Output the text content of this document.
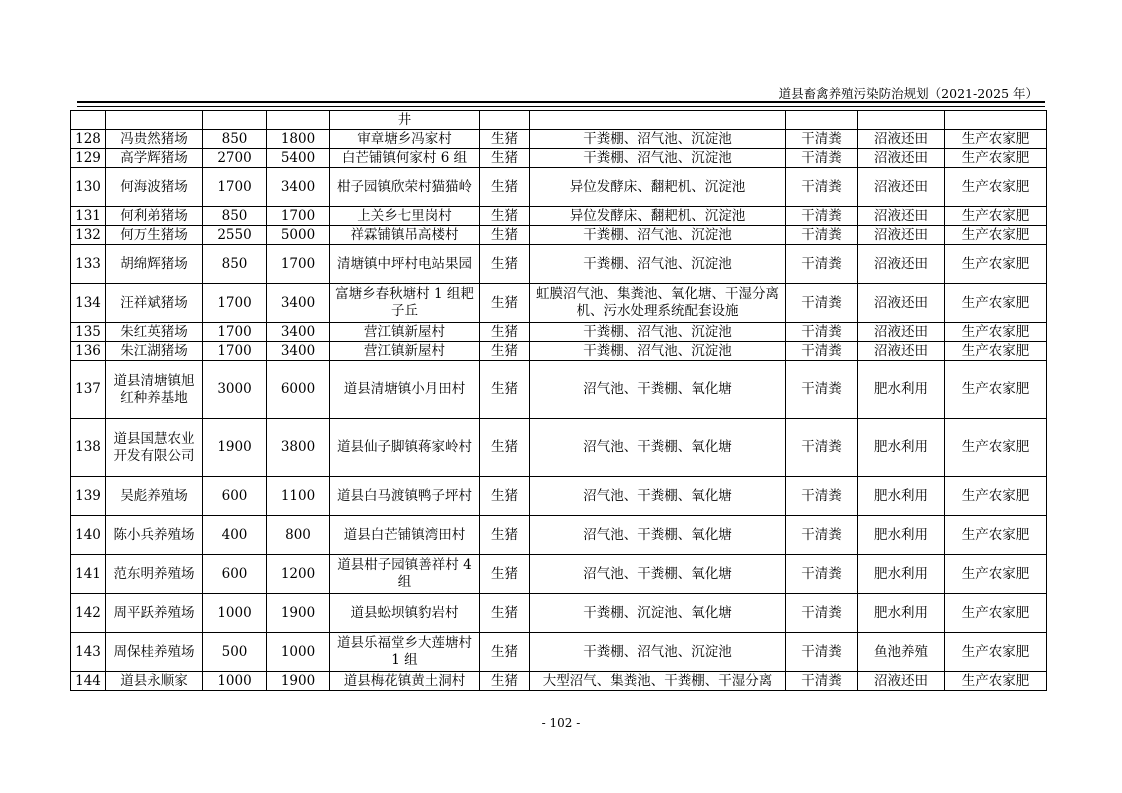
道县畜禽养殖污染防治规划（2021-2025 年）
				井					
128	冯贵然猪场	850	1800	审章塘乡冯家村	生猪	干粪棚、沼气池、沉淀池	干清粪	沼液还田	生产农家肥
129	高学辉猪场	2700	5400	白芒铺镇何家村 6 组	生猪	干粪棚、沼气池、沉淀池	干清粪	沼液还田	生产农家肥
130	何海波猪场	1700	3400	柑子园镇欣荣村猫猫岭	生猪	异位发酵床、翻耙机、沉淀池	干清粪	沼液还田	生产农家肥
131	何利弟猪场	850	1700	上关乡七里岗村	生猪	异位发酵床、翻耙机、沉淀池	干清粪	沼液还田	生产农家肥
132	何万生猪场	2550	5000	祥霖铺镇吊高楼村	生猪	干粪棚、沼气池、沉淀池	干清粪	沼液还田	生产农家肥
133	胡绵辉猪场	850	1700	清塘镇中坪村电站果园	生猪	干粪棚、沼气池、沉淀池	干清粪	沼液还田	生产农家肥
134	汪祥斌猪场	1700	3400	富塘乡春秋塘村 1 组耙子丘	生猪	虹膜沼气池、集粪池、氧化塘、干湿分离 机、污水处理系统配套设施	干清粪	沼液还田	生产农家肥
135	朱红英猪场	1700	3400	营江镇新屋村	生猪	干粪棚、沼气池、沉淀池	干清粪	沼液还田	生产农家肥
136	朱江湖猪场	1700	3400	营江镇新屋村	生猪	干粪棚、沼气池、沉淀池	干清粪	沼液还田	生产农家肥
137	道县清塘镇旭红种养基地	3000	6000	道县清塘镇小月田村	生猪	沼气池、干粪棚、氧化塘	干清粪	肥水利用	生产农家肥
138	道县国慧农业开发有限公司	1900	3800	道县仙子脚镇蒋家岭村	生猪	沼气池、干粪棚、氧化塘	干清粪	肥水利用	生产农家肥
139	吴彪养殖场	600	1100	道县白马渡镇鸭子坪村	生猪	沼气池、干粪棚、氧化塘	干清粪	肥水利用	生产农家肥
140	陈小兵养殖场	400	800	道县白芒铺镇湾田村	生猪	沼气池、干粪棚、氧化塘	干清粪	肥水利用	生产农家肥
141	范东明养殖场	600	1200	道县柑子园镇善祥村 4 组	生猪	沼气池、干粪棚、氧化塘	干清粪	肥水利用	生产农家肥
142	周平跃养殖场	1000	1900	道县蚣坝镇豹岩村	生猪	干粪棚、沉淀池、氧化塘	干清粪	肥水利用	生产农家肥
143	周保桂养殖场	500	1000	道县乐福堂乡大莲塘村 1 组	生猪	干粪棚、沼气池、沉淀池	干清粪	鱼池养殖	生产农家肥
144	道县永顺家	1000	1900	道县梅花镇黄土洞村	生猪	大型沼气、集粪池、干粪棚、干湿分离	干清粪	沼液还田	生产农家肥
- 102 -
